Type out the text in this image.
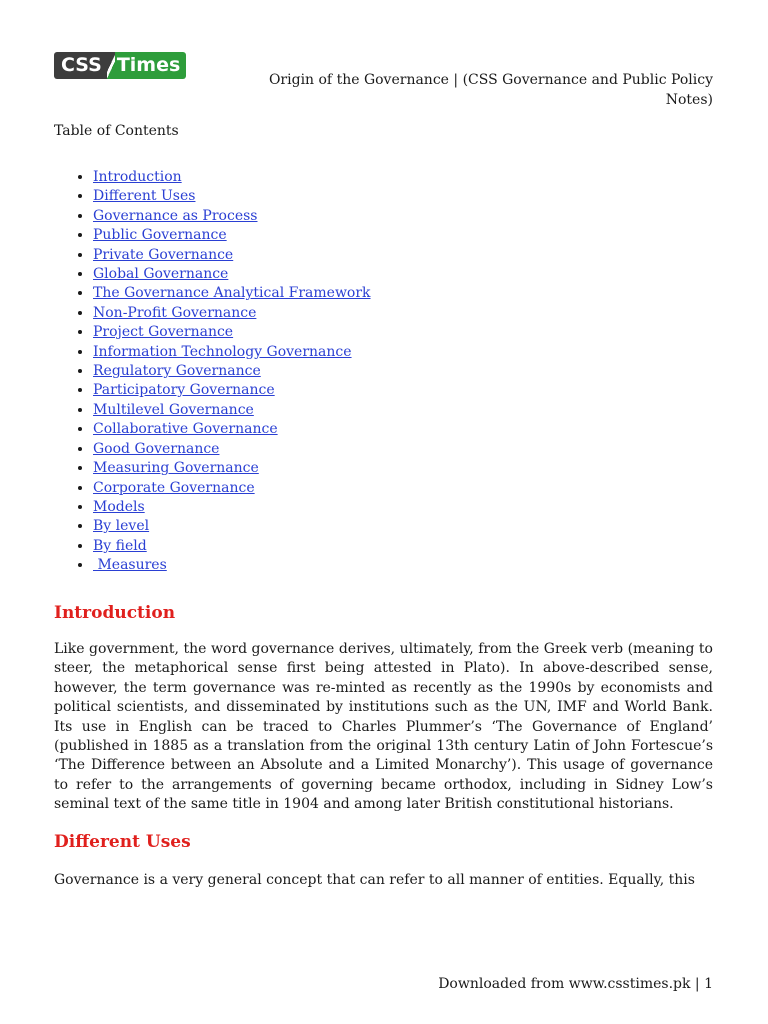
CSS Times
Origin of the Governance | (CSS Governance and Public Policy Notes)
Table of Contents
• Introduction
• Different Uses
• Governance as Process
• Public Governance
• Private Governance
• Global Governance
• The Governance Analytical Framework
• Non-Profit Governance
• Project Governance
• Information Technology Governance
• Regulatory Governance
• Participatory Governance
• Multilevel Governance
• Collaborative Governance
• Good Governance
• Measuring Governance
• Corporate Governance
• Models
• By level
• By field
•  Measures
Introduction
Like government, the word governance derives, ultimately, from the Greek verb (meaning to steer, the metaphorical sense first being attested in Plato). In above-described sense, however, the term governance was re-minted as recently as the 1990s by economists and political scientists, and disseminated by institutions such as the UN, IMF and World Bank. Its use in English can be traced to Charles Plummer’s ‘The Governance of England’ (published in 1885 as a translation from the original 13th century Latin of John Fortescue’s ‘The Difference between an Absolute and a Limited Monarchy’). This usage of governance to refer to the arrangements of governing became orthodox, including in Sidney Low’s seminal text of the same title in 1904 and among later British constitutional historians.
Different Uses
Governance is a very general concept that can refer to all manner of entities. Equally, this
Downloaded from www.csstimes.pk | 1
